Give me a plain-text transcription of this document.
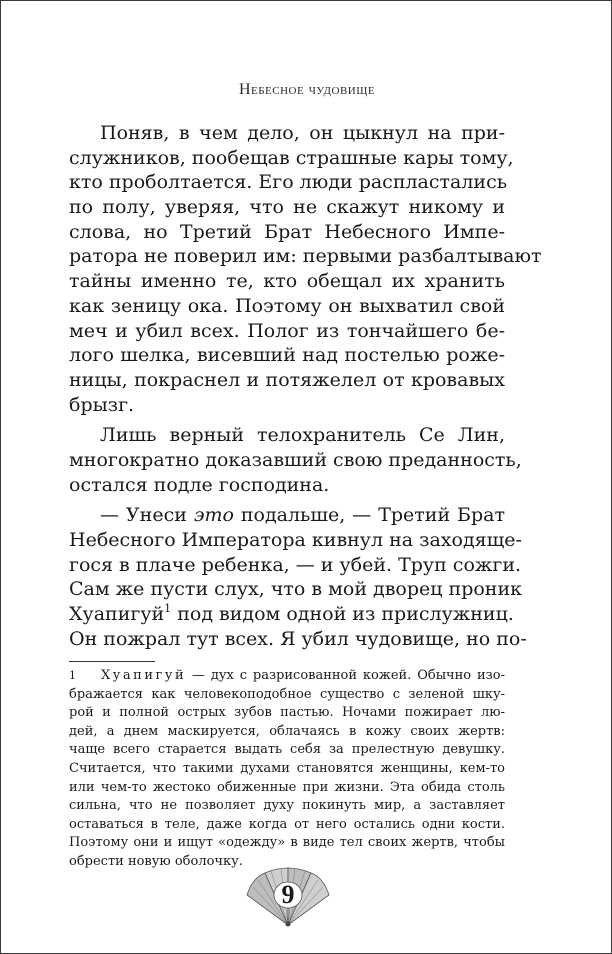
Небесное чудовище
Поняв, в чем дело, он цыкнул на при-
служников, пообещав страшные кары тому,
кто проболтается. Его люди распластались
по полу, уверяя, что не скажут никому и
слова, но Третий Брат Небесного Импе-
ратора не поверил им: первыми разбалтывают
тайны именно те, кто обещал их хранить
как зеницу ока. Поэтому он выхватил свой
меч и убил всех. Полог из тончайшего бе-
лого шелка, висевший над постелью роже-
ницы, покраснел и потяжелел от кровавых
брызг.
Лишь верный телохранитель Се Лин,
многократно доказавший свою преданность,
остался подле господина.
— Унеси это подальше, — Третий Брат
Небесного Императора кивнул на заходяще-
гося в плаче ребенка, — и убей. Труп сожги.
Сам же пусти слух, что в мой дворец проник
Хуапигуй$^1$ под видом одной из прислужниц.
Он пожрал тут всех. Я убил чудовище, но по-
1	Хуапигуй — дух с разрисованной кожей. Обычно изо-
бражается как человекоподобное существо с зеленой шку-
рой и полной острых зубов пастью. Ночами пожирает лю-
дей, а днем маскируется, облачаясь в кожу своих жертв:
чаще всего старается выдать себя за прелестную девушку.
Считается, что такими духами становятся женщины, кем-то
или чем-то жестоко обиженные при жизни. Эта обида столь
сильна, что не позволяет духу покинуть мир, а заставляет
оставаться в теле, даже когда от него остались одни кости.
Поэтому они и ищут «одежду» в виде тел своих жертв, чтобы
обрести новую оболочку.
9
